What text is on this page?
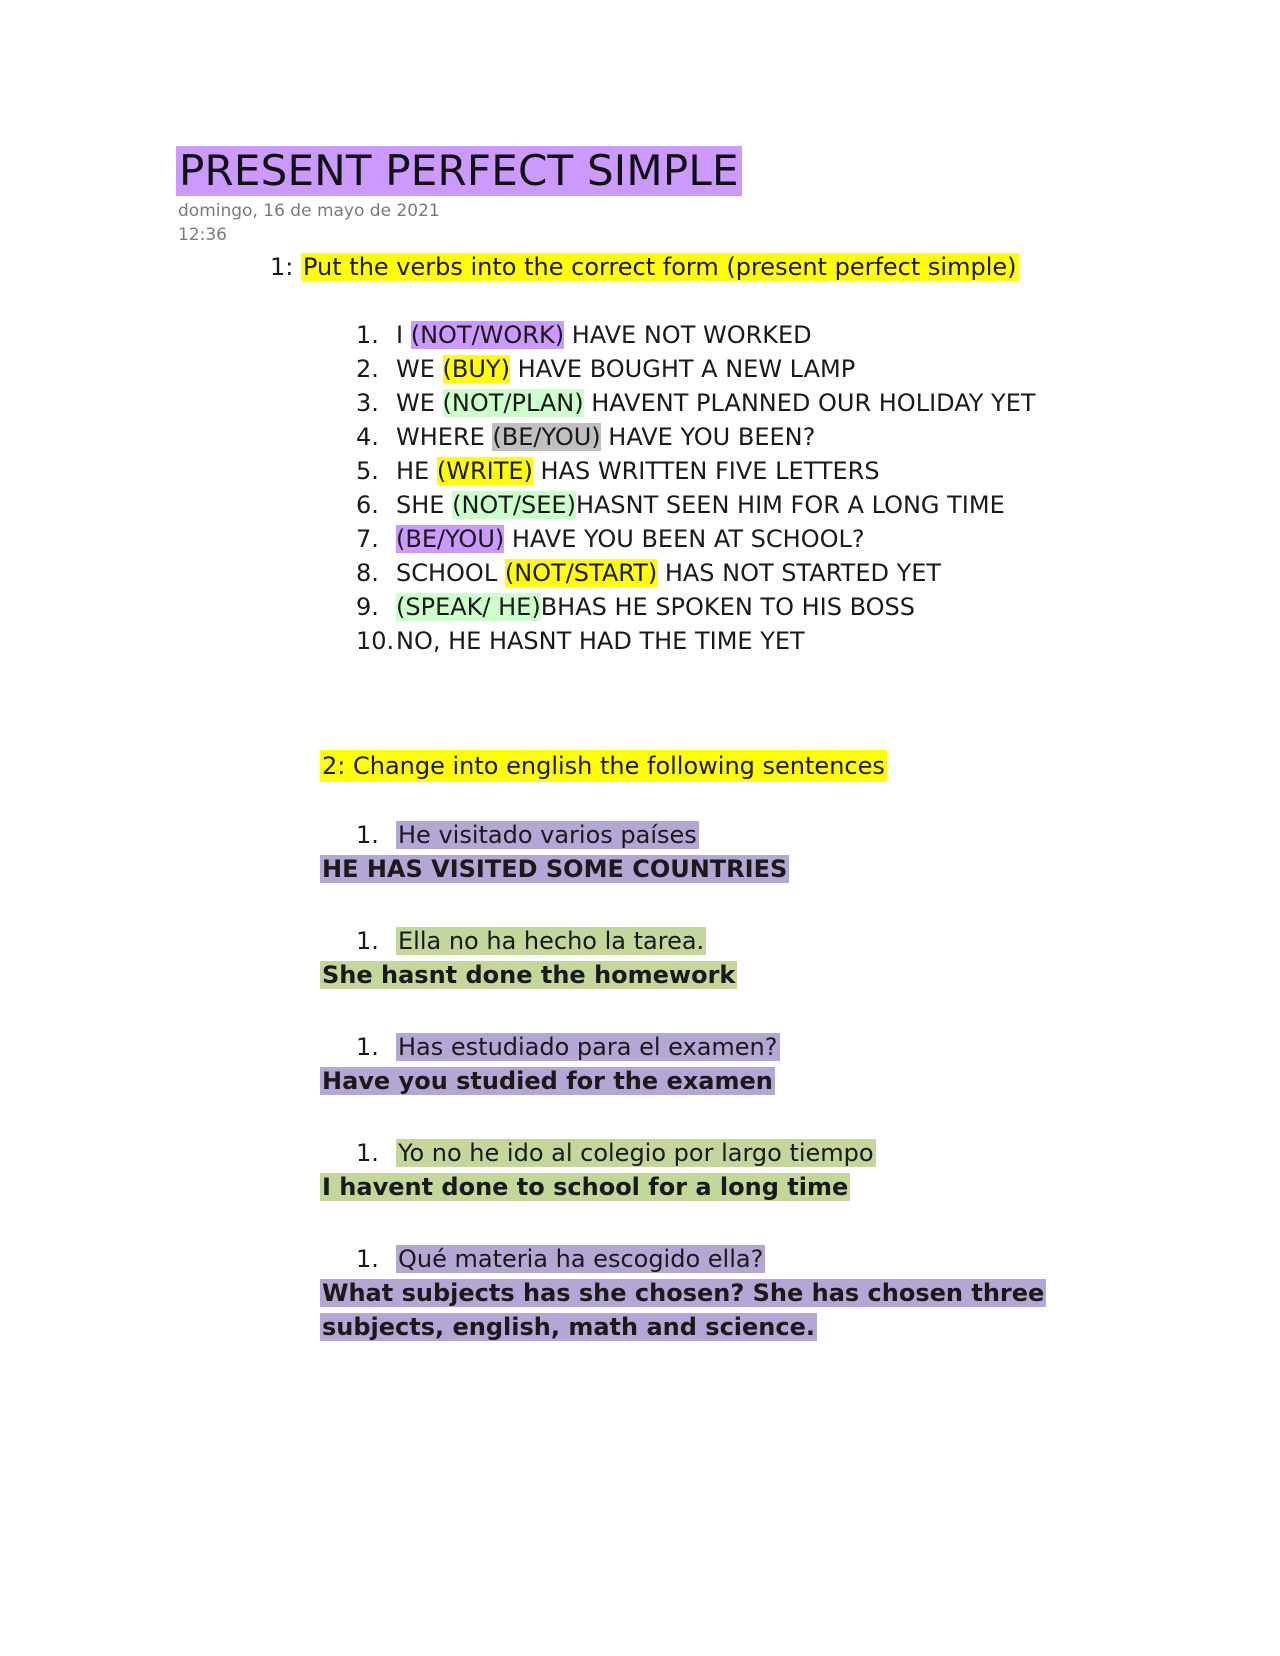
PRESENT PERFECT SIMPLE
domingo, 16 de mayo de 2021
12:36
1: Put the verbs into the correct form (present perfect simple)
1. I (NOT/WORK) HAVE NOT WORKED
2. WE (BUY) HAVE BOUGHT A NEW LAMP
3. WE (NOT/PLAN) HAVENT PLANNED OUR HOLIDAY YET
4. WHERE (BE/YOU) HAVE YOU BEEN?
5. HE (WRITE) HAS WRITTEN FIVE LETTERS
6. SHE (NOT/SEE)HASNT SEEN HIM FOR A LONG TIME
7. (BE/YOU) HAVE YOU BEEN AT SCHOOL?
8. SCHOOL (NOT/START) HAS NOT STARTED YET
9. (SPEAK/ HE)BHAS HE SPOKEN TO HIS BOSS
10.NO, HE HASNT HAD THE TIME YET
2: Change into english the following sentences
1. He visitado varios países
HE HAS VISITED SOME COUNTRIES
1. Ella no ha hecho la tarea.
She hasnt done the homework
1. Has estudiado para el examen?
Have you studied for the examen
1. Yo no he ido al colegio por largo tiempo
I havent done to school for a long time
1. Qué materia ha escogido ella?
What subjects has she chosen? She has chosen three subjects, english, math and science.
